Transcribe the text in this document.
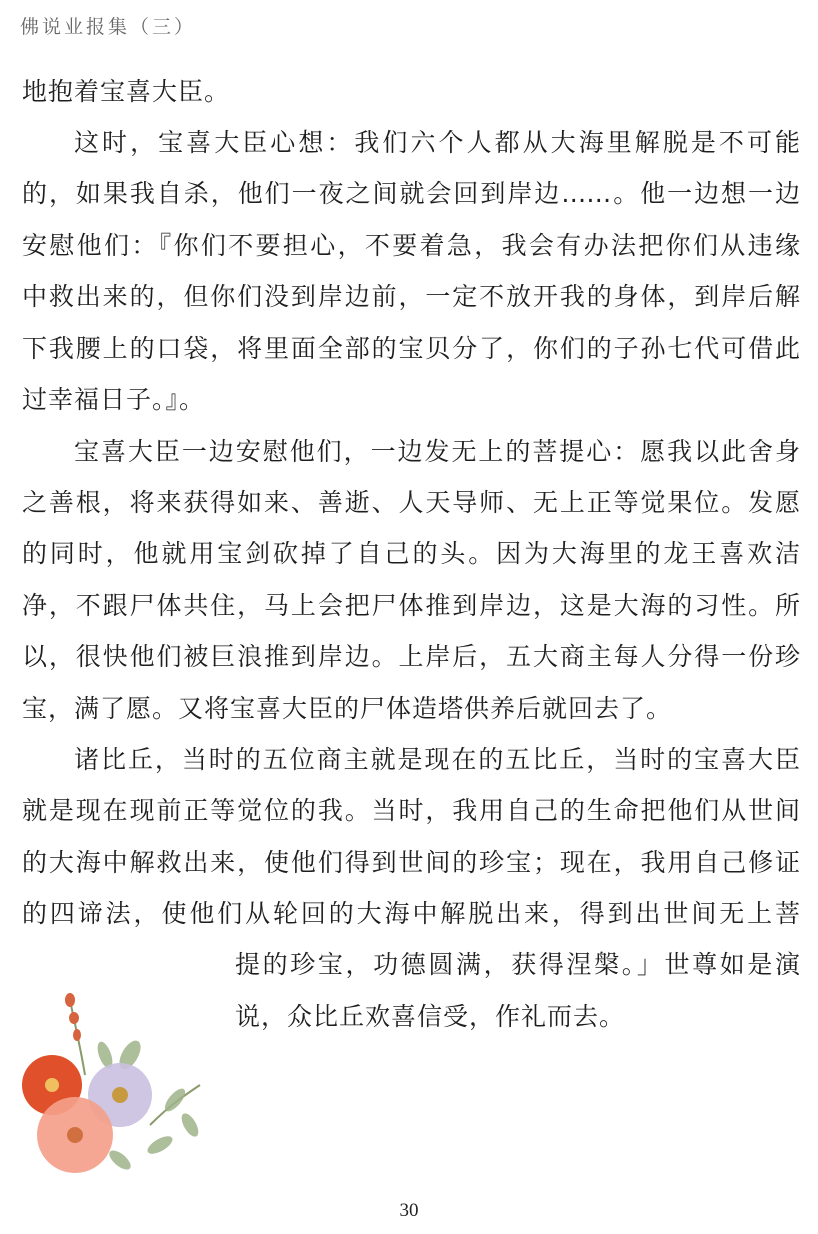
佛说业报集（三）
地抱着宝喜大臣。
这时，宝喜大臣心想：我们六个人都从大海里解脱是不可能
的，如果我自杀，他们一夜之间就会回到岸边……。他一边想一边
安慰他们：『你们不要担心，不要着急，我会有办法把你们从违缘
中救出来的，但你们没到岸边前，一定不放开我的身体，到岸后解
下我腰上的口袋，将里面全部的宝贝分了，你们的子孙七代可借此
过幸福日子。』。
宝喜大臣一边安慰他们，一边发无上的菩提心：愿我以此舍身
之善根，将来获得如来、善逝、人天导师、无上正等觉果位。发愿
的同时，他就用宝剑砍掉了自己的头。因为大海里的龙王喜欢洁
净，不跟尸体共住，马上会把尸体推到岸边，这是大海的习性。所
以，很快他们被巨浪推到岸边。上岸后，五大商主每人分得一份珍
宝，满了愿。又将宝喜大臣的尸体造塔供养后就回去了。
诸比丘，当时的五位商主就是现在的五比丘，当时的宝喜大臣
就是现在现前正等觉位的我。当时，我用自己的生命把他们从世间
的大海中解救出来，使他们得到世间的珍宝；现在，我用自己修证
的四谛法，使他们从轮回的大海中解脱出来，得到出世间无上菩
提的珍宝，功德圆满，获得涅槃。」世尊如是演
说，众比丘欢喜信受，作礼而去。
30
